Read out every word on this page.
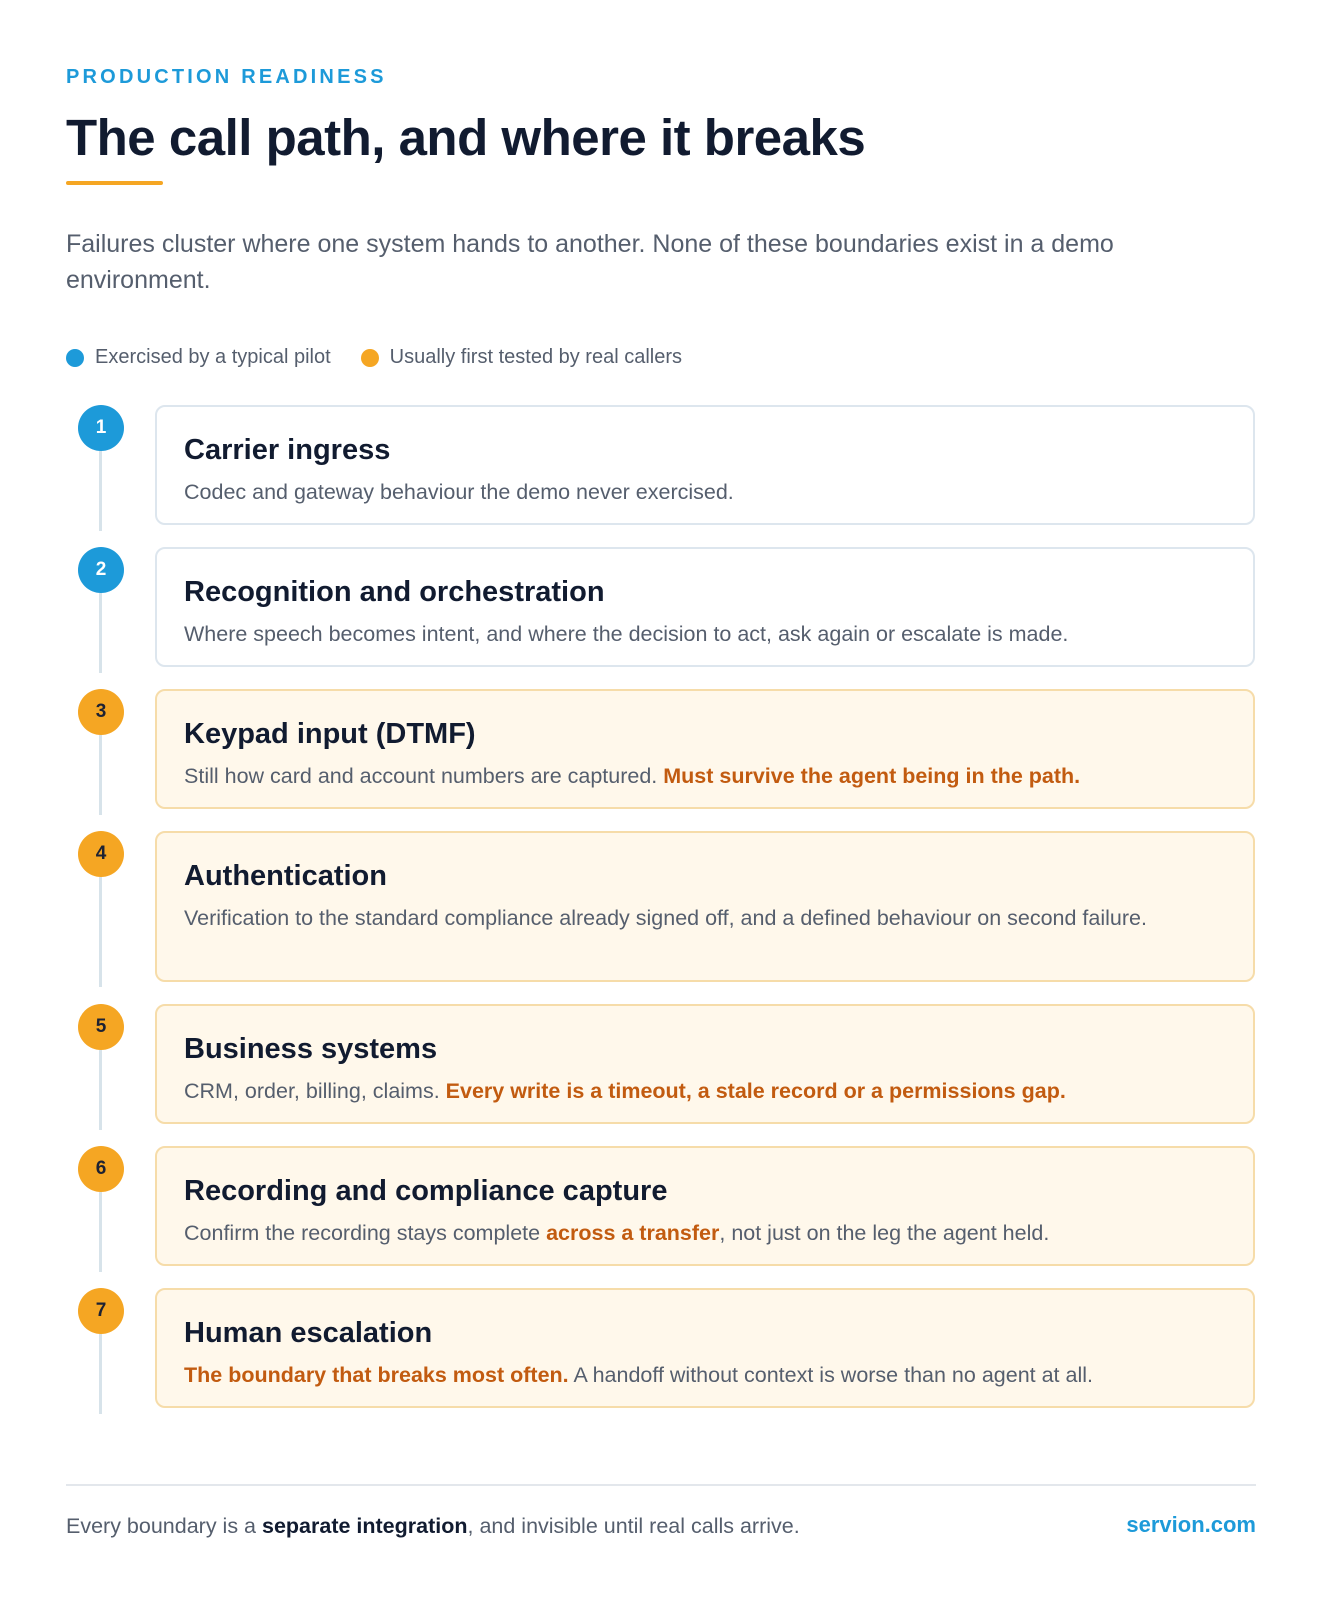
PRODUCTION READINESS
The call path, and where it breaks

Failures cluster where one system hands to another. None of these boundaries exist in a demo environment.

Exercised by a typical pilot	Usually first tested by real callers
1
Carrier ingress
Codec and gateway behaviour the demo never exercised.
2
Recognition and orchestration
Where speech becomes intent, and where the decision to act, ask again or escalate is made.
3
Keypad input (DTMF)
Still how card and account numbers are captured. Must survive the agent being in the path.
4
Authentication
Verification to the standard compliance already signed off, and a defined behaviour on second failure.
5
Business systems
CRM, order, billing, claims. Every write is a timeout, a stale record or a permissions gap.
6
Recording and compliance capture
Confirm the recording stays complete across a transfer, not just on the leg the agent held.
7
Human escalation
The boundary that breaks most often. A handoff without context is worse than no agent at all.

Every boundary is a separate integration, and invisible until real calls arrive.	servion.com
